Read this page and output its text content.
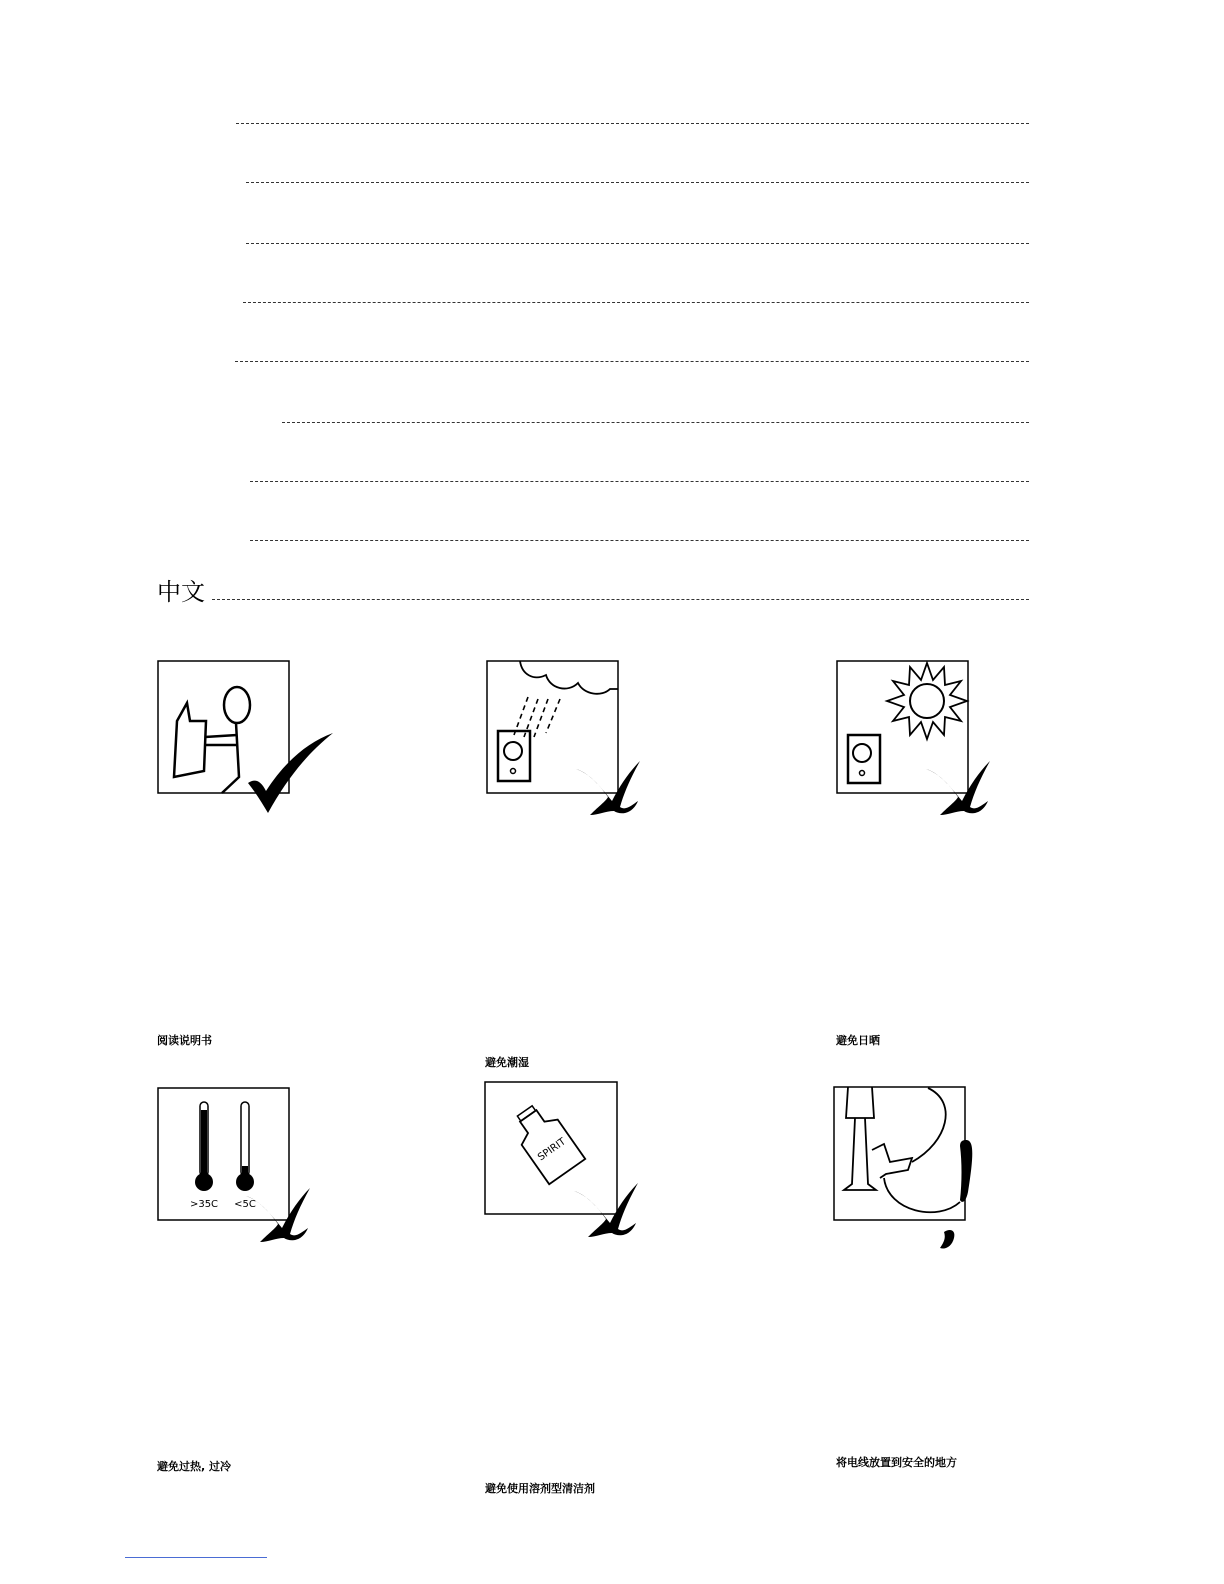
中文
阅读说明书
避免潮湿
避免日晒
>35C <5C
避免过热, 过冷
SPIRIT
避免使用溶剂型清洁剂
将电线放置到安全的地方
